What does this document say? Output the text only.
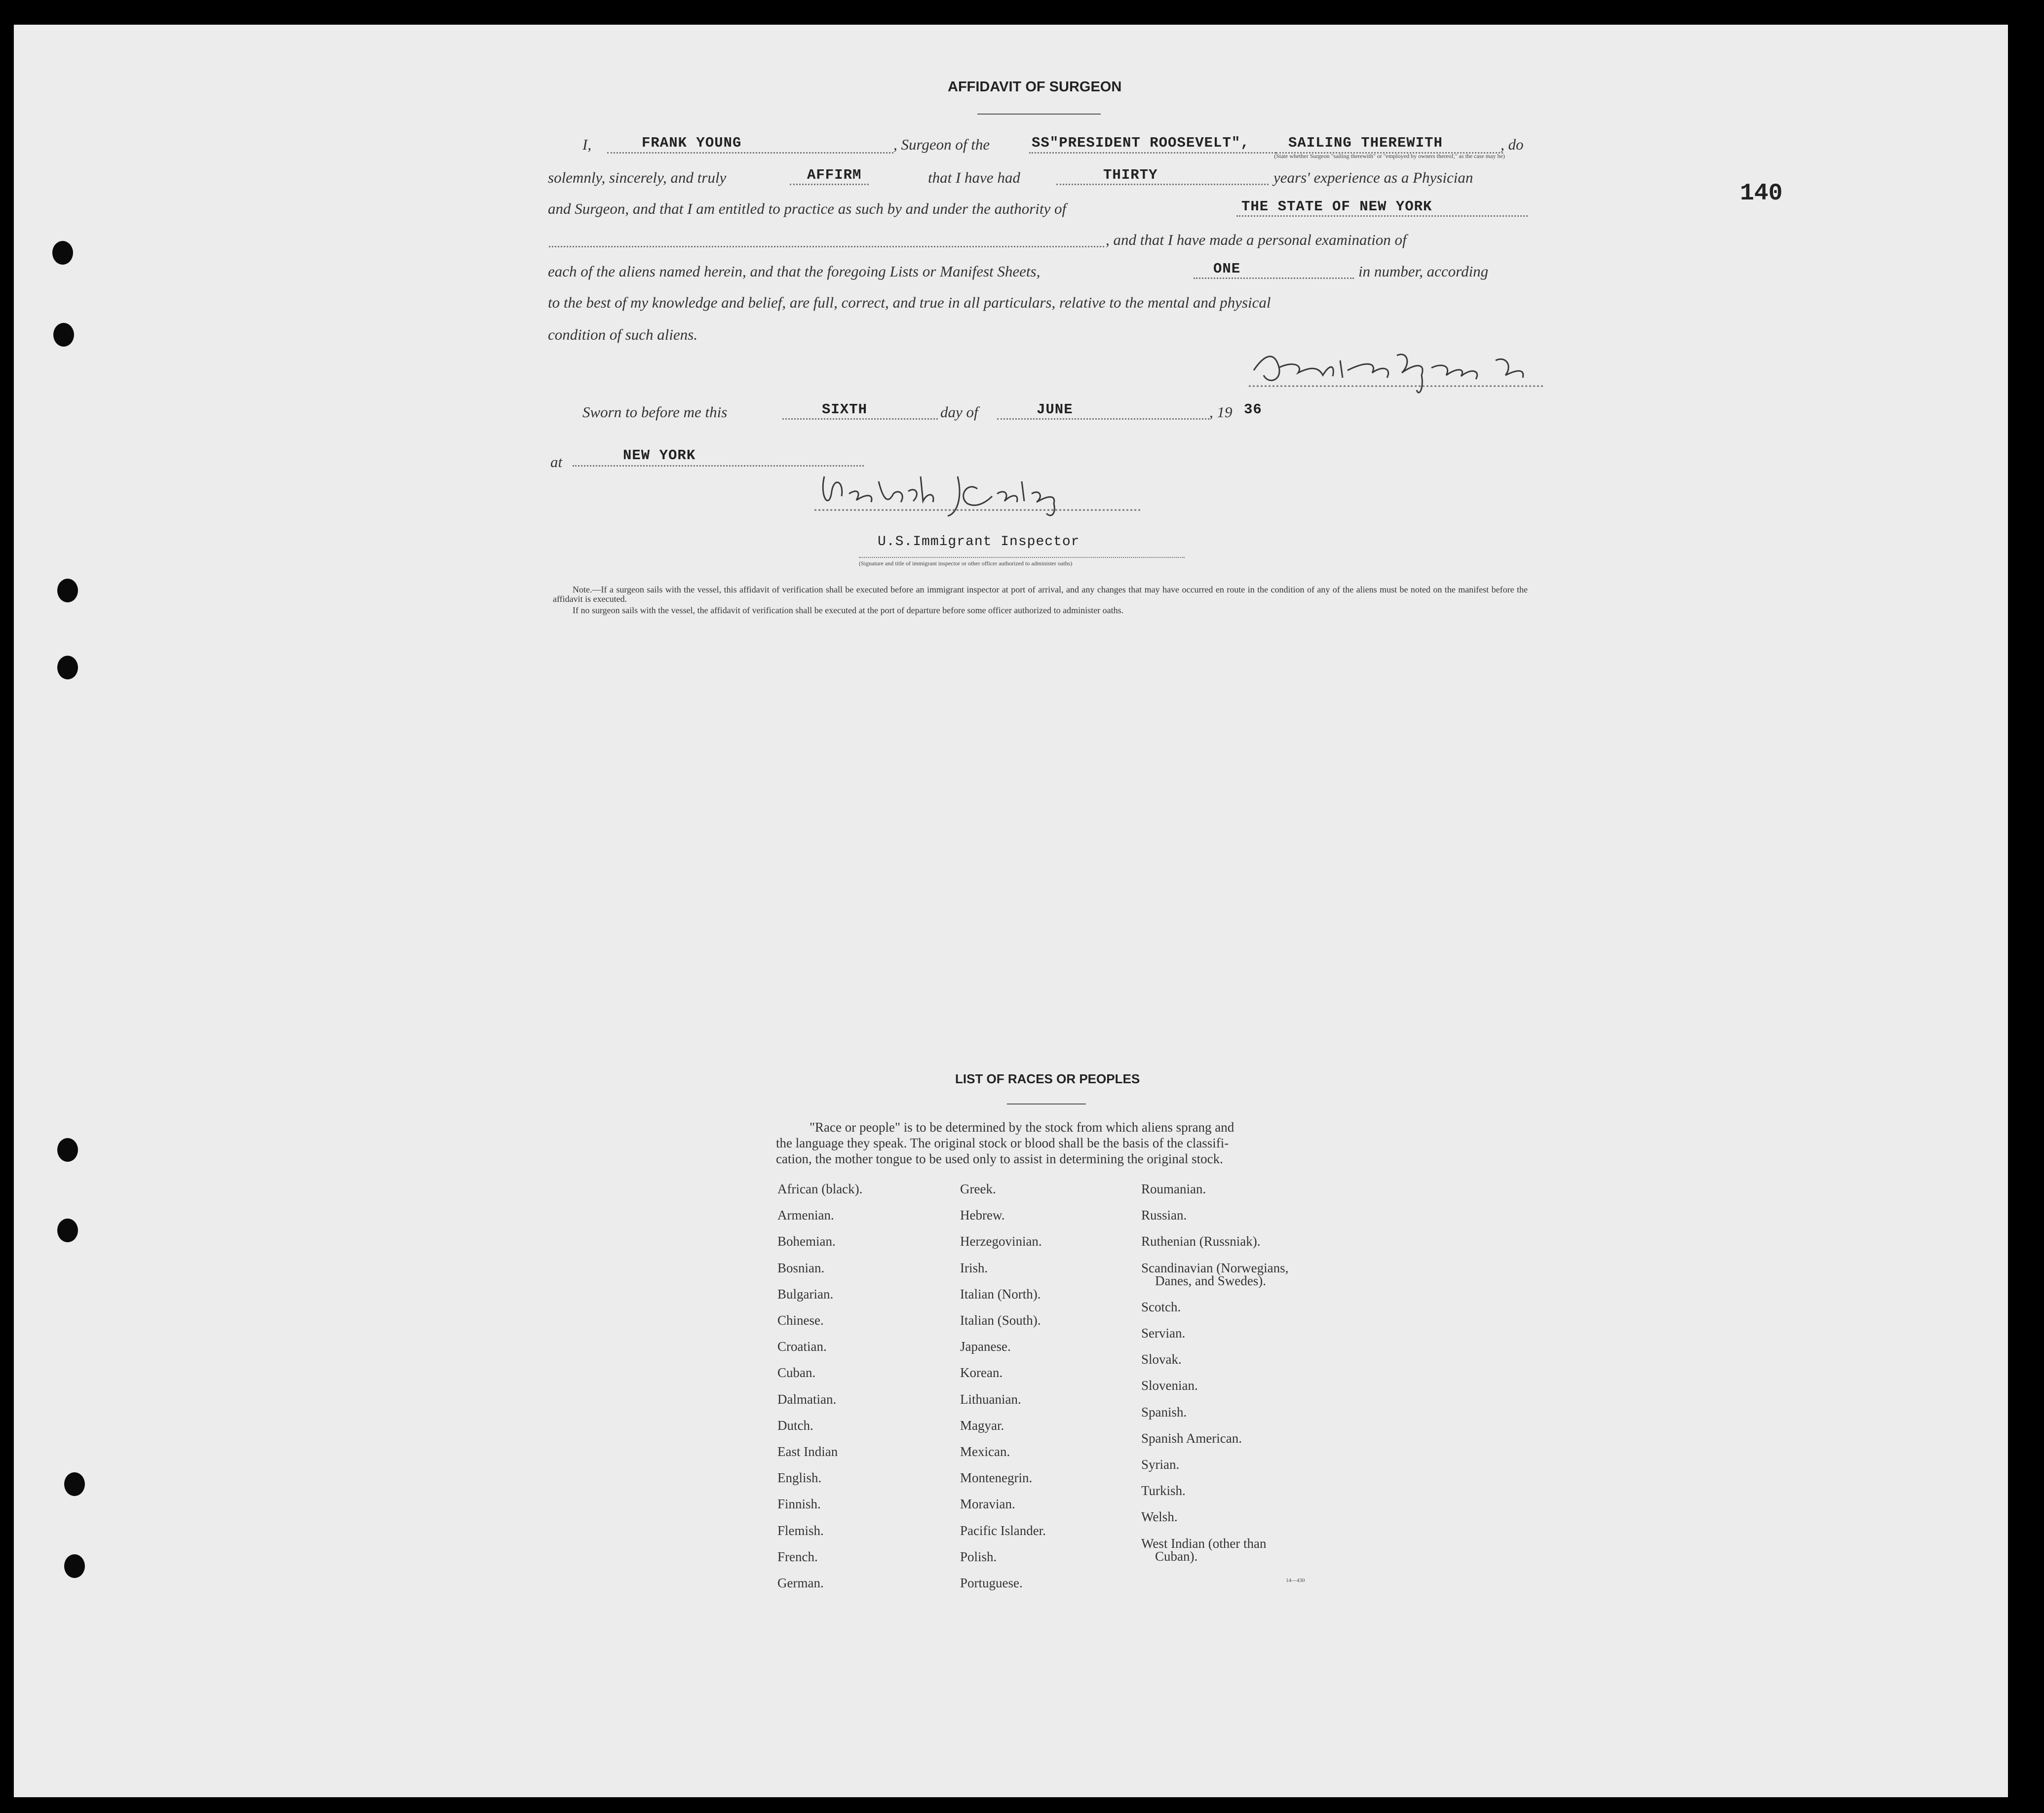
140
AFFIDAVIT OF SURGEON
I,	FRANK YOUNG	, Surgeon of the	SS"PRESIDENT ROOSEVELT",	SAILING THEREWITH	, do
(State whether Surgeon "sailing therewith" or "employed by owners thereof," as the case may be)
solemnly, sincerely, and truly	AFFIRM	that I have had	THIRTY	years' experience as a Physician
and Surgeon, and that I am entitled to practice as such by and under the authority of	THE STATE OF NEW YORK
, and that I have made a personal examination of
each of the aliens named herein, and that the foregoing Lists or Manifest Sheets,	ONE	in number, according
to the best of my knowledge and belief, are full, correct, and true in all particulars, relative to the mental and physical
condition of such aliens.
Sworn to before me this	SIXTH	day of	JUNE	, 19 36
at	NEW YORK
U.S.Immigrant Inspector
(Signature and title of immigrant inspector or other officer authorized to administer oaths)
Note.—If a surgeon sails with the vessel, this affidavit of verification shall be executed before an immigrant inspector at port of arrival, and any changes that may have occurred en route in the condition of any of the aliens must be noted on the manifest before the affidavit is executed.
If no surgeon sails with the vessel, the affidavit of verification shall be executed at the port of departure before some officer authorized to administer oaths.
LIST OF RACES OR PEOPLES
"Race or people" is to be determined by the stock from which aliens sprang and
the language they speak. The original stock or blood shall be the basis of the classifi-
cation, the mother tongue to be used only to assist in determining the original stock.
African (black).
Armenian.
Bohemian.
Bosnian.
Bulgarian.
Chinese.
Croatian.
Cuban.
Dalmatian.
Dutch.
East Indian
English.
Finnish.
Flemish.
French.
German.
Greek.
Hebrew.
Herzegovinian.
Irish.
Italian (North).
Italian (South).
Japanese.
Korean.
Lithuanian.
Magyar.
Mexican.
Montenegrin.
Moravian.
Pacific Islander.
Polish.
Portuguese.
Roumanian.
Russian.
Ruthenian (Russniak).
Scandinavian (Norwegians,
Danes, and Swedes).
Scotch.
Servian.
Slovak.
Slovenian.
Spanish.
Spanish American.
Syrian.
Turkish.
Welsh.
West Indian (other than
Cuban).
14—430
